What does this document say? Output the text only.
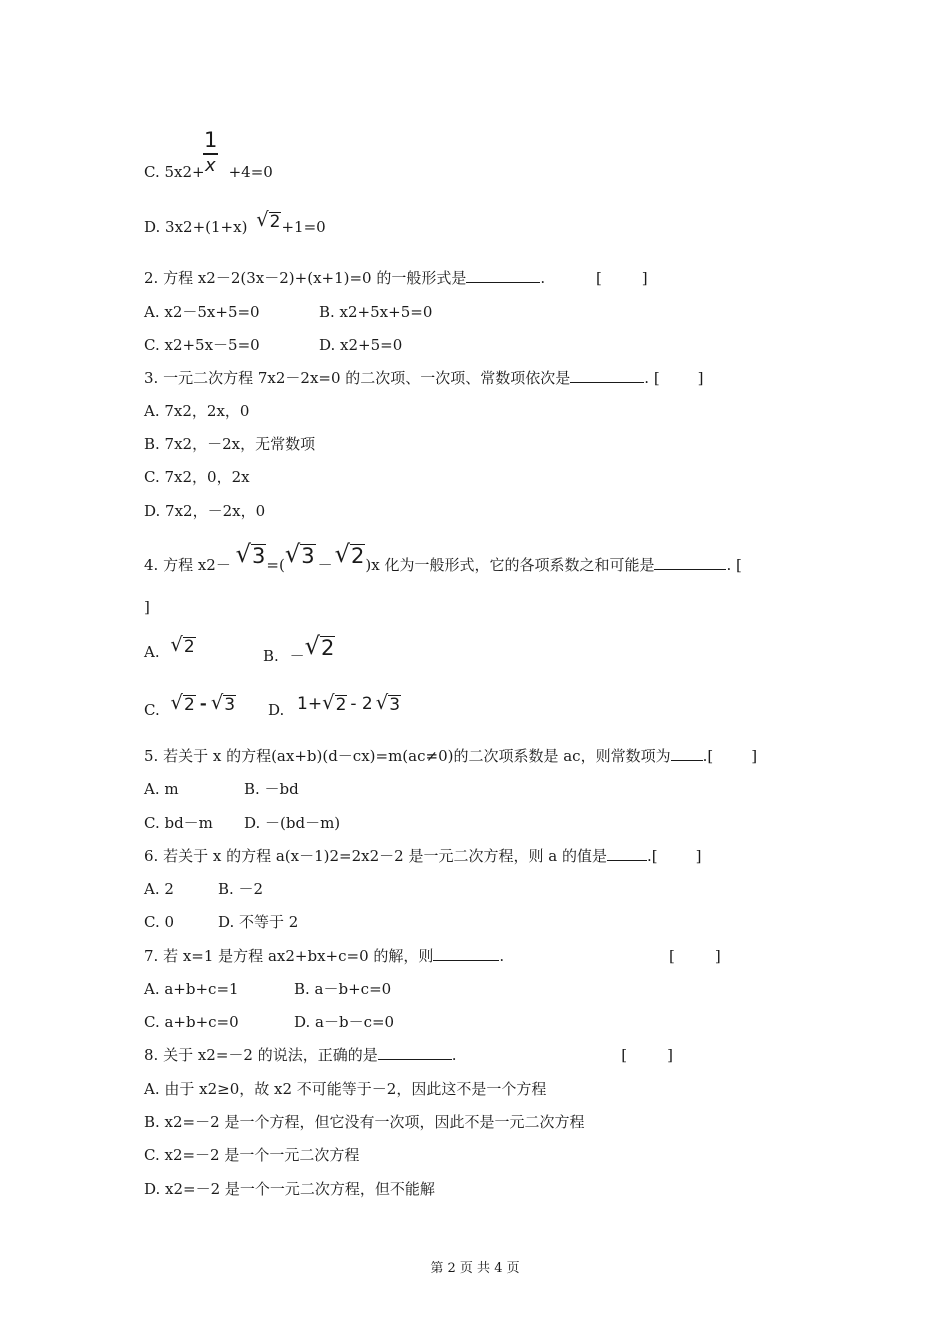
1
x
C. 5x2+ +4=0
D. 3x2+(1+x) √ 2 +1=0
2. 方程 x2－2(3x－2)+(x+1)=0 的一般形式是	.	[	]
A. x2－5x+5=0	B. x2+5x+5=0
C. x2+5x－5=0	D. x2+5=0
3. 一元二次方程 7x2－2x=0 的二次项、一次项、常数项依次是	. [	]
A. 7x2，2x，0
B. 7x2，－2x，无常数项
C. 7x2，0，2x
D. 7x2，－2x，0
4. 方程 x2－ √ 3 =( √ 3 － √ 2 )x 化为一般形式，它的各项系数之和可能是	. [
]
A. √ 2	B. － √ 2
C. √ 2 - √ 3 D. 1+ √ 2 - 2 √ 3
5. 若关于 x 的方程(ax+b)(d－cx)=m(ac≠0)的二次项系数是 ac，则常数项为 .[	]
A. m	B. －bd
C. bd－m D. －(bd－m)
6. 若关于 x 的方程 a(x－1)2=2x2－2 是一元二次方程，则 a 的值是	.[	]
A. 2	B. －2
C. 0	D. 不等于 2
7. 若 x=1 是方程 ax2+bx+c=0 的解，则	.	[	]
A. a+b+c=1	B. a－b+c=0
C. a+b+c=0	D. a－b－c=0
8. 关于 x2=－2 的说法，正确的是	.	[	]
A. 由于 x2≥0，故 x2 不可能等于－2，因此这不是一个方程
B. x2=－2 是一个方程，但它没有一次项，因此不是一元二次方程
C. x2=－2 是一个一元二次方程
D. x2=－2 是一个一元二次方程，但不能解
第 2 页 共 4 页
